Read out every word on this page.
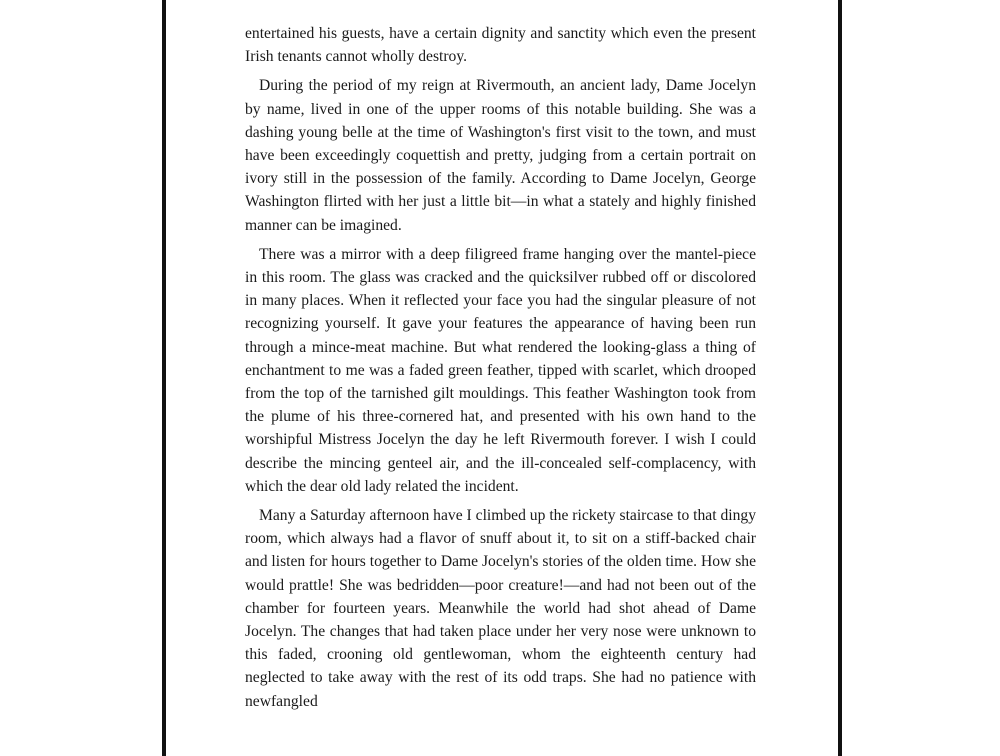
entertained his guests, have a certain dignity and sanctity which even the present Irish tenants cannot wholly destroy.

During the period of my reign at Rivermouth, an ancient lady, Dame Jocelyn by name, lived in one of the upper rooms of this notable building. She was a dashing young belle at the time of Washington's first visit to the town, and must have been exceedingly coquettish and pretty, judging from a certain portrait on ivory still in the possession of the family. According to Dame Jocelyn, George Washington flirted with her just a little bit—in what a stately and highly finished manner can be imagined.

There was a mirror with a deep filigreed frame hanging over the mantel-piece in this room. The glass was cracked and the quicksilver rubbed off or discolored in many places. When it reflected your face you had the singular pleasure of not recognizing yourself. It gave your features the appearance of having been run through a mince-meat machine. But what rendered the looking-glass a thing of enchantment to me was a faded green feather, tipped with scarlet, which drooped from the top of the tarnished gilt mouldings. This feather Washington took from the plume of his three-cornered hat, and presented with his own hand to the worshipful Mistress Jocelyn the day he left Rivermouth forever. I wish I could describe the mincing genteel air, and the ill-concealed self-complacency, with which the dear old lady related the incident.

Many a Saturday afternoon have I climbed up the rickety staircase to that dingy room, which always had a flavor of snuff about it, to sit on a stiff-backed chair and listen for hours together to Dame Jocelyn's stories of the olden time. How she would prattle! She was bedridden—poor creature!—and had not been out of the chamber for fourteen years. Meanwhile the world had shot ahead of Dame Jocelyn. The changes that had taken place under her very nose were unknown to this faded, crooning old gentlewoman, whom the eighteenth century had neglected to take away with the rest of its odd traps. She had no patience with newfangled
